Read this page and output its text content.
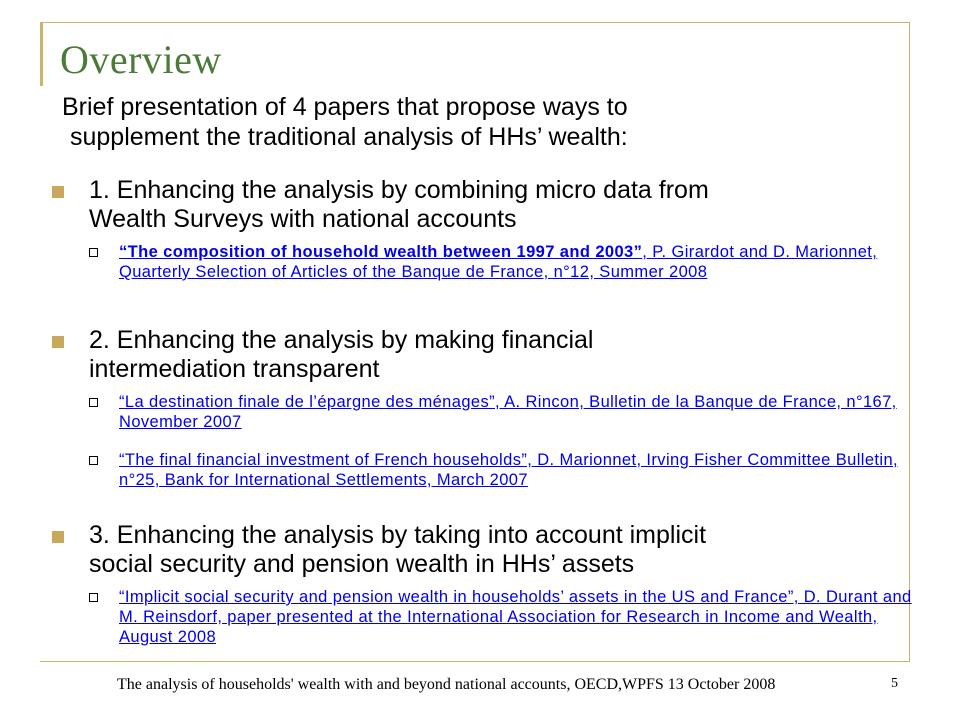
Overview

Brief presentation of 4 papers that propose ways to
supplement the traditional analysis of HHs’ wealth:

1. Enhancing the analysis by combining micro data from
Wealth Surveys with national accounts
“The composition of household wealth between 1997 and 2003”, P. Girardot and D. Marionnet, Quarterly Selection of Articles of the Banque de France, n°12, Summer 2008
2. Enhancing the analysis by making financial
intermediation transparent
“La destination finale de l’épargne des ménages”, A. Rincon, Bulletin de la Banque de France, n°167, November 2007
“The final financial investment of French households”, D. Marionnet, Irving Fisher Committee Bulletin, n°25, Bank for International Settlements, March 2007
3. Enhancing the analysis by taking into account implicit
social security and pension wealth in HHs’ assets
“Implicit social security and pension wealth in households’ assets in the US and France”, D. Durant and M. Reinsdorf, paper presented at the International Association for Research in Income and Wealth, August 2008
The analysis of households' wealth with and beyond national accounts, OECD,WPFS 13 October 2008	5
